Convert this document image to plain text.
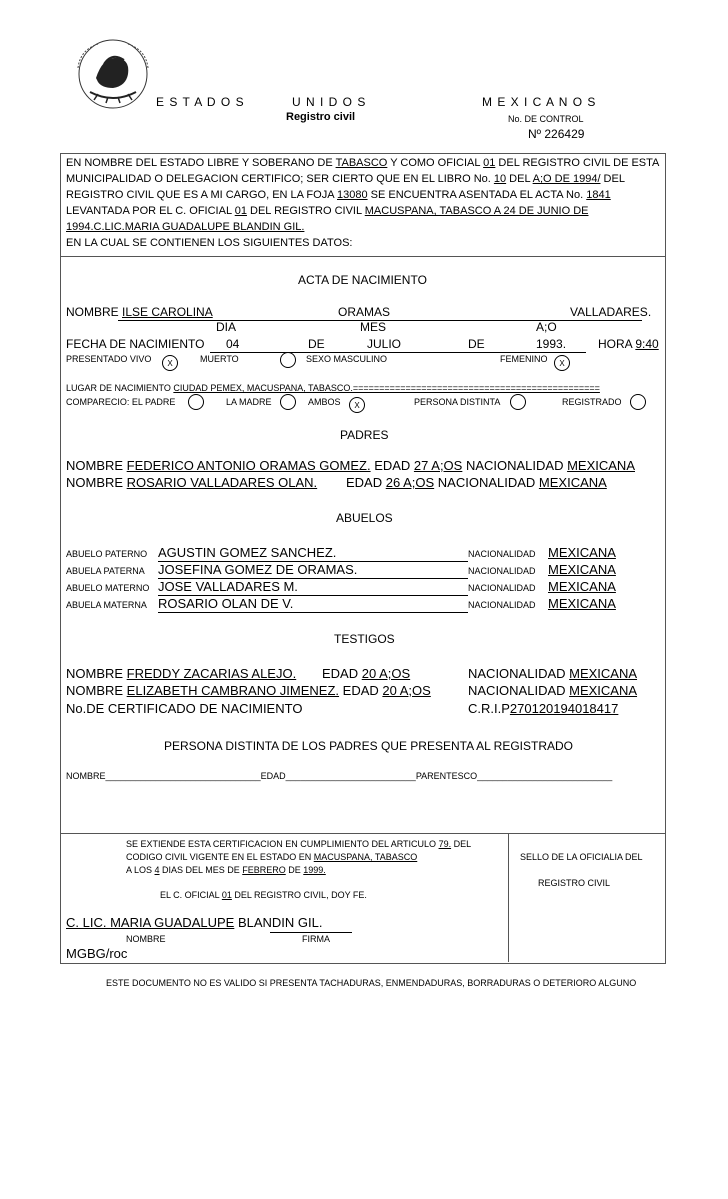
E S T A D O S	U N I D O S	M E X I C A N O S
Registro civil	No. DE CONTROL
Nº 226429
EN NOMBRE DEL ESTADO LIBRE Y SOBERANO DE TABASCO Y COMO OFICIAL 01 DEL REGISTRO CIVIL DE ESTA
MUNICIPALIDAD O DELEGACION CERTIFICO; SER CIERTO QUE EN EL LIBRO No. 10 DEL A;O DE 1994/ DEL
REGISTRO CIVIL QUE ES A MI CARGO, EN LA FOJA 13080 SE ENCUENTRA ASENTADA EL ACTA No. 1841
LEVANTADA POR EL C. OFICIAL 01 DEL REGISTRO CIVIL MACUSPANA, TABASCO A 24 DE JUNIO DE
1994.C.LIC.MARIA GUADALUPE BLANDIN GIL.
EN LA CUAL SE CONTIENEN LOS SIGUIENTES DATOS:
ACTA DE NACIMIENTO
NOMBRE ILSE CAROLINA	ORAMAS	VALLADARES.
DIA	MES	A;O
FECHA DE NACIMIENTO 04	DE	JULIO	DE	1993.	HORA 9:40
PRESENTADO VIVO	X	MUERTO	SEXO MASCULINO	FEMENINO	X
LUGAR DE NACIMIENTO CIUDAD PEMEX, MACUSPANA, TABASCO.===============================================
COMPARECIO: EL PADRE	LA MADRE	AMBOS	X	PERSONA DISTINTA	REGISTRADO
PADRES
NOMBRE FEDERICO ANTONIO ORAMAS GOMEZ. EDAD 27 A;OS NACIONALIDAD MEXICANA
NOMBRE ROSARIO VALLADARES OLAN. EDAD 26 A;OS NACIONALIDAD MEXICANA
ABUELOS
ABUELO PATERNO AGUSTIN GOMEZ SANCHEZ.	NACIONALIDAD MEXICANA
ABUELA PATERNA JOSEFINA GOMEZ DE ORAMAS.	NACIONALIDAD MEXICANA
ABUELO MATERNO JOSE VALLADARES M.	NACIONALIDAD MEXICANA
ABUELA MATERNA ROSARIO OLAN DE V.	NACIONALIDAD MEXICANA
TESTIGOS
NOMBRE FREDDY ZACARIAS ALEJO. EDAD 20 A;OS	NACIONALIDAD MEXICANA
NOMBRE ELIZABETH CAMBRANO JIMENEZ. EDAD 20 A;OS	NACIONALIDAD MEXICANA
No.DE CERTIFICADO DE NACIMIENTO	C.R.I.P270120194018417
PERSONA DISTINTA DE LOS PADRES QUE PRESENTA AL REGISTRADO
NOMBRE_______________________________EDAD__________________________PARENTESCO___________________________
SE EXTIENDE ESTA CERTIFICACION EN CUMPLIMIENTO DEL ARTICULO 79. DEL
CODIGO CIVIL VIGENTE EN EL ESTADO EN MACUSPANA, TABASCO
A LOS 4 DIAS DEL MES DE FEBRERO DE 1999.
EL C. OFICIAL 01 DEL REGISTRO CIVIL, DOY FE.
SELLO DE LA OFICIALIA DEL
REGISTRO CIVIL
C. LIC. MARIA GUADALUPE BLANDIN GIL.
NOMBRE	FIRMA
MGBG/roc
ESTE DOCUMENTO NO ES VALIDO SI PRESENTA TACHADURAS, ENMENDADURAS, BORRADURAS O DETERIORO ALGUNO
